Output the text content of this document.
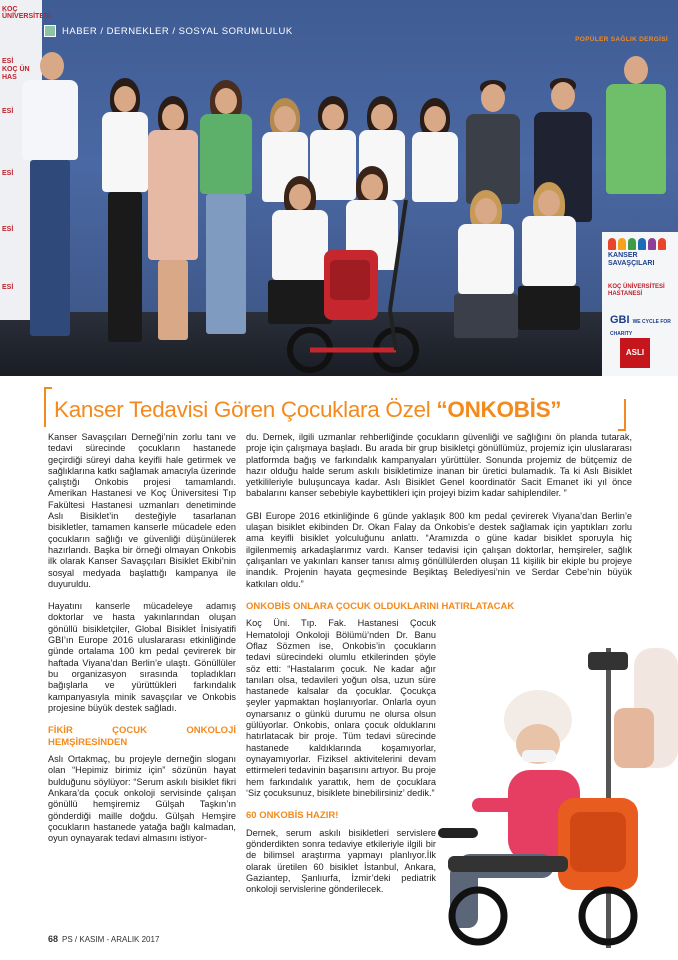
KOÇ ÜNİVERSİTESİ
ESİ
KOÇ ÜN
HAS
ESİ
ESİ
ESİ
ESİ
KANSER SAVAŞÇILARI
KOÇ ÜNİVERSİTESİ HASTANESİ
GBI WE CYCLE FOR CHARITY
ASLI
HABER / DERNEKLER / SOSYAL SORUMLULUK
POPÜLER SAĞLIK DERGİSİ
Kanser Tedavisi Gören Çocuklara Özel “ONKOBİS”

Kanser Savaşçıları Derneği’nin zorlu tanı ve tedavi sürecinde çocukların hastanede geçirdiği süreyi daha keyifli hale getirmek ve sağlıklarına katkı sağlamak amacıyla üzerinde çalıştığı Onkobis projesi tamamlandı. Amerikan Hastanesi ve Koç Üniversitesi Tıp Fakültesi Hastanesi uzmanları denetiminde Aslı Bisiklet’in desteğiyle tasarlanan bisikletler, tamamen kanserle mücadele eden çocukların sağlığı ve güvenliği düşünülerek hazırlandı. Başka bir örneği olmayan Onkobis ilk olarak Kanser Savaşçıları Bisiklet Ekibi’nin sosyal medyada başlattığı kampanya ile duyuruldu.

Hayatını kanserle mücadeleye adamış doktorlar ve hasta yakınlarından oluşan gönüllü bisikletçiler, Global Bisiklet İnisiyatifi GBI’ın Europe 2016 uluslararası etkinliğinde günde ortalama 100 km pedal çevirerek bir haftada Viyana’dan Berlin’e ulaştı. Gönüllüler bu organizasyon sırasında topladıkları bağışlarla ve yürüttükleri farkındalık kampanyasıyla minik savaşçılar ve Onkobis projesine büyük destek sağladı.

FİKİR ÇOCUK ONKOLOJİ HEMŞİRESİNDEN

Aslı Ortakmaç, bu projeyle derneğin sloganı olan “Hepimiz birimiz için” sözünün hayat bulduğunu söylüyor: “Serum askılı bisiklet fikri Ankara’da çocuk onkoloji servisinde çalışan gönüllü hemşiremiz Gülşah Taşkın’ın gönderdiği maille doğdu. Gülşah Hemşire çocukların hastanede yatağa bağlı kalmadan, oyun oynayarak tedavi almasını istiyor-

du. Dernek, ilgili uzmanlar rehberliğinde çocukların güvenliği ve sağlığını ön planda tutarak, proje için çalışmaya başladı. Bu arada bir grup bisikletçi gönüllümüz, projemiz için uluslararası platformda bağış ve farkındalık kampanyaları yürüttüler. Sonunda projemiz de bütçemiz de hazır olduğu halde serum askılı bisikletimize inanan bir üretici bulamadık. Ta ki Aslı Bisiklet yetkilileriyle buluşuncaya kadar. Aslı Bisiklet Genel koordinatör Sacit Emanet iki yıl önce babalarını kanser sebebiyle kaybettikleri için projeyi bizim kadar sahiplendiler. ”

GBI Europe 2016 etkinliğinde 6 günde yaklaşık 800 km pedal çevirerek Viyana’dan Berlin’e ulaşan bisiklet ekibinden Dr. Okan Falay da Onkobis’e destek sağlamak için yaptıkları zorlu ama keyifli bisiklet yolculuğunu anlattı. “Aramızda o güne kadar bisiklet sporuyla hiç ilgilenmemiş arkadaşlarımız vardı. Kanser tedavisi için çalışan doktorlar, hemşireler, sağlık çalışanları ve yakınları kanser tanısı almış gönüllülerden oluşan 11 kişilik bir ekiple bu projeye inandık. Projenin hayata geçmesinde Beşiktaş Belediyesi’nin ve Serdar Cebe’nin büyük katkıları oldu.”

ONKOBİS ONLARA ÇOCUK OLDUKLARINI HATIRLATACAK

Koç Üni. Tıp. Fak. Hastanesi Çocuk Hematoloji Onkoloji Bölümü’nden Dr. Banu Oflaz Sözmen ise, Onkobis’in çocukların tedavi sürecindeki olumlu etkilerinden şöyle söz etti: “Hastalarım çocuk. Ne kadar ağır tanıları olsa, tedavileri yoğun olsa, uzun süre hastanede kalsalar da çocuklar. Çocukça şeyler yapmaktan hoşlanıyorlar. Onlarla oyun oynarsanız o günkü durumu ne olursa olsun gülüyorlar. Onkobis, onlara çocuk olduklarını hatırlatacak bir proje. Tüm tedavi sürecinde hastanede kaldıklarında koşamıyorlar, oynayamıyorlar. Fiziksel aktivitelerini devam ettirmeleri tedavinin başarısını artıyor. Bu proje hem farkındalık yarattık, hem de çocuklara ‘Siz çocuksunuz, bisiklete binebilirsiniz’ dedik.”

60 ONKOBİS HAZIR!

Dernek, serum askılı bisikletleri servislere gönderdikten sonra tedaviye etkileriyle ilgili bir de bilimsel araştırma yapmayı planlıyor.İlk olarak üretilen 60 bisiklet İstanbul, Ankara, Gaziantep, Şanlıurfa, İzmir’deki pediatrik onkoloji servislerine gönderilecek.

68 PS / KASIM - ARALIK 2017
